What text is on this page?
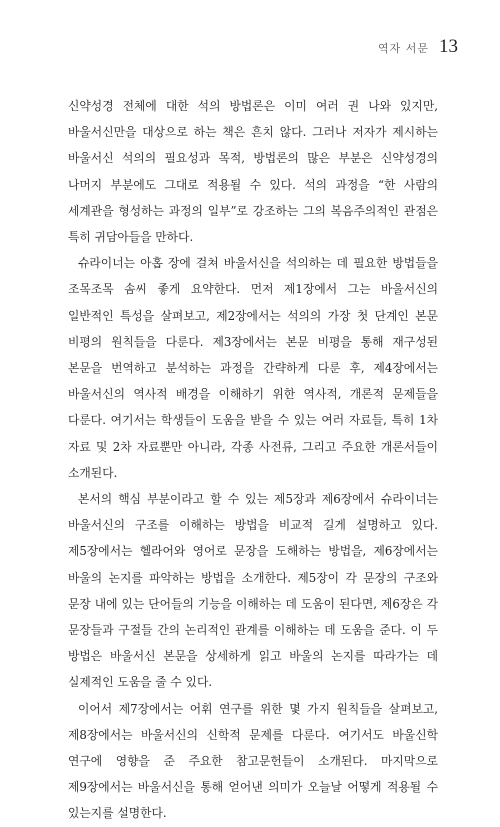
역자 서문 13

신약성경 전체에 대한 석의 방법론은 이미 여러 권 나와 있지만, 바울서신만을 대상으로 하는 책은 흔치 않다. 그러나 저자가 제시하는 바울서신 석의의 필요성과 목적, 방법론의 많은 부분은 신약성경의 나머지 부분에도 그대로 적용될 수 있다. 석의 과정을 “한 사람의 세계관을 형성하는 과정의 일부”로 강조하는 그의 복음주의적인 관점은 특히 귀담아들을 만하다.

슈라이너는 아홉 장에 걸쳐 바울서신을 석의하는 데 필요한 방법들을 조목조목 솜씨 좋게 요약한다. 먼저 제1장에서 그는 바울서신의 일반적인 특성을 살펴보고, 제2장에서는 석의의 가장 첫 단계인 본문 비평의 원칙들을 다룬다. 제3장에서는 본문 비평을 통해 재구성된 본문을 번역하고 분석하는 과정을 간략하게 다룬 후, 제4장에서는 바울서신의 역사적 배경을 이해하기 위한 역사적, 개론적 문제들을 다룬다. 여기서는 학생들이 도움을 받을 수 있는 여러 자료들, 특히 1차 자료 및 2차 자료뿐만 아니라, 각종 사전류, 그리고 주요한 개론서들이 소개된다.

본서의 핵심 부분이라고 할 수 있는 제5장과 제6장에서 슈라이너는 바울서신의 구조를 이해하는 방법을 비교적 길게 설명하고 있다. 제5장에서는 헬라어와 영어로 문장을 도해하는 방법을, 제6장에서는 바울의 논지를 파악하는 방법을 소개한다. 제5장이 각 문장의 구조와 문장 내에 있는 단어들의 기능을 이해하는 데 도움이 된다면, 제6장은 각 문장들과 구절들 간의 논리적인 관계를 이해하는 데 도움을 준다. 이 두 방법은 바울서신 본문을 상세하게 읽고 바울의 논지를 따라가는 데 실제적인 도움을 줄 수 있다.

이어서 제7장에서는 어휘 연구를 위한 몇 가지 원칙들을 살펴보고, 제8장에서는 바울서신의 신학적 문제를 다룬다. 여기서도 바울신학 연구에 영향을 준 주요한 참고문헌들이 소개된다. 마지막으로 제9장에서는 바울서신을 통해 얻어낸 의미가 오늘날 어떻게 적용될 수 있는지를 설명한다.
